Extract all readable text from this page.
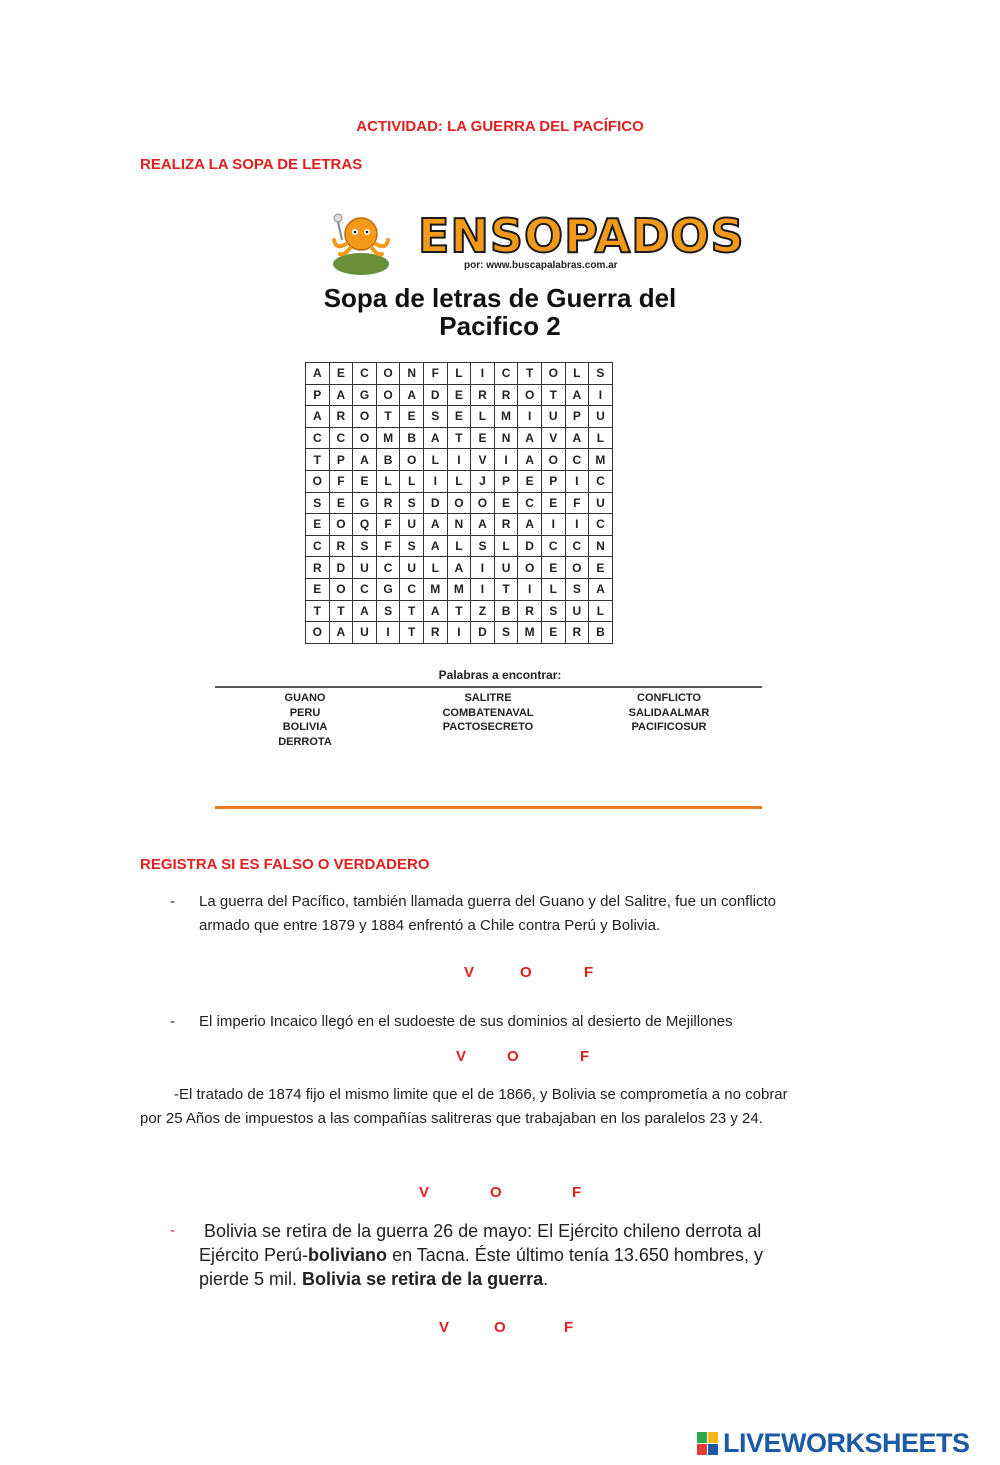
ACTIVIDAD: LA GUERRA DEL PACÍFICO
REALIZA LA SOPA DE LETRAS
ENSOPADOS
por: www.buscapalabras.com.ar
Sopa de letras de Guerra del
Pacifico 2
A	E	C	O	N	F	L	I	C	T	O	L	S
P	A	G	O	A	D	E	R	R	O	T	A	I
A	R	O	T	E	S	E	L	M	I	U	P	U
C	C	O	M	B	A	T	E	N	A	V	A	L
T	P	A	B	O	L	I	V	I	A	O	C	M
O	F	E	L	L	I	L	J	P	E	P	I	C
S	E	G	R	S	D	O	O	E	C	E	F	U
E	O	Q	F	U	A	N	A	R	A	I	I	C
C	R	S	F	S	A	L	S	L	D	C	C	N
R	D	U	C	U	L	A	I	U	O	E	O	E
E	O	C	G	C	M	M	I	T	I	L	S	A
T	T	A	S	T	A	T	Z	B	R	S	U	L
O	A	U	I	T	R	I	D	S	M	E	R	B
Palabras a encontrar:
GUANO
PERU
BOLIVIA
DERROTA
SALITRE
COMBATENAVAL
PACTOSECRETO
CONFLICTO
SALIDAALMAR
PACIFICOSUR
REGISTRA SI ES FALSO O VERDADERO
- La guerra del Pacífico, también llamada guerra del Guano y del Salitre, fue un conflicto
armado que entre 1879 y 1884 enfrentó a Chile contra Perú y Bolivia.
V	O	F
- El imperio Incaico llegó en el sudoeste de sus dominios al desierto de Mejillones
V	O	F
-El tratado de 1874 fijo el mismo limite que el de 1866, y Bolivia se comprometía a no cobrar
por 25 Años de impuestos a las compañías salitreras que trabajaban en los paralelos 23 y 24.
V	O	F
- Bolivia se retira de la guerra 26 de mayo: El Ejército chileno derrota al
Ejército Perú-boliviano en Tacna. Éste último tenía 13.650 hombres, y
pierde 5 mil. Bolivia se retira de la guerra.
V	O	F
LIVEWORKSHEETS
